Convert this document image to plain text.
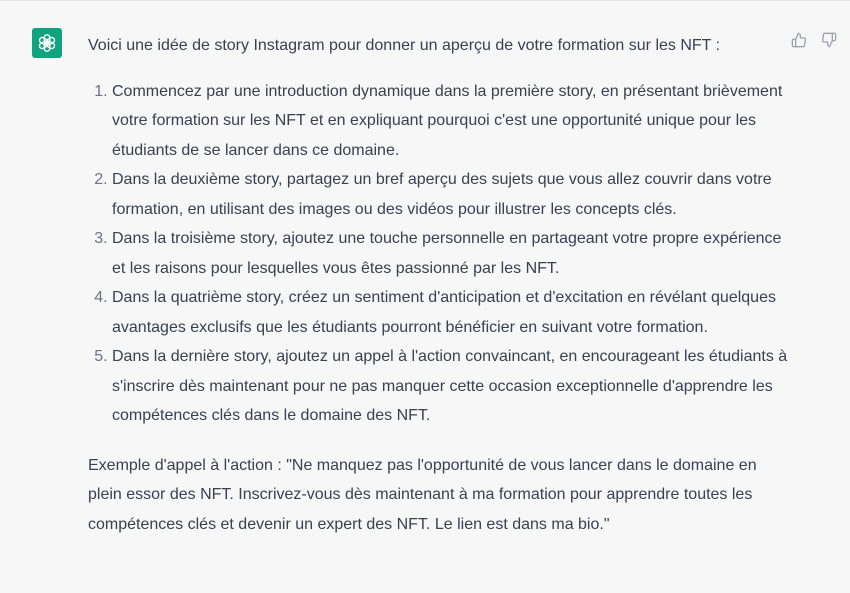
Voici une idée de story Instagram pour donner un aperçu de votre formation sur les NFT :

1. Commencez par une introduction dynamique dans la première story, en présentant brièvement votre formation sur les NFT et en expliquant pourquoi c'est une opportunité unique pour les étudiants de se lancer dans ce domaine.
2. Dans la deuxième story, partagez un bref aperçu des sujets que vous allez couvrir dans votre formation, en utilisant des images ou des vidéos pour illustrer les concepts clés.
3. Dans la troisième story, ajoutez une touche personnelle en partageant votre propre expérience et les raisons pour lesquelles vous êtes passionné par les NFT.
4. Dans la quatrième story, créez un sentiment d'anticipation et d'excitation en révélant quelques avantages exclusifs que les étudiants pourront bénéficier en suivant votre formation.
5. Dans la dernière story, ajoutez un appel à l'action convaincant, en encourageant les étudiants à s'inscrire dès maintenant pour ne pas manquer cette occasion exceptionnelle d'apprendre les compétences clés dans le domaine des NFT.

Exemple d'appel à l'action : "Ne manquez pas l'opportunité de vous lancer dans le domaine en plein essor des NFT. Inscrivez-vous dès maintenant à ma formation pour apprendre toutes les compétences clés et devenir un expert des NFT. Le lien est dans ma bio."
